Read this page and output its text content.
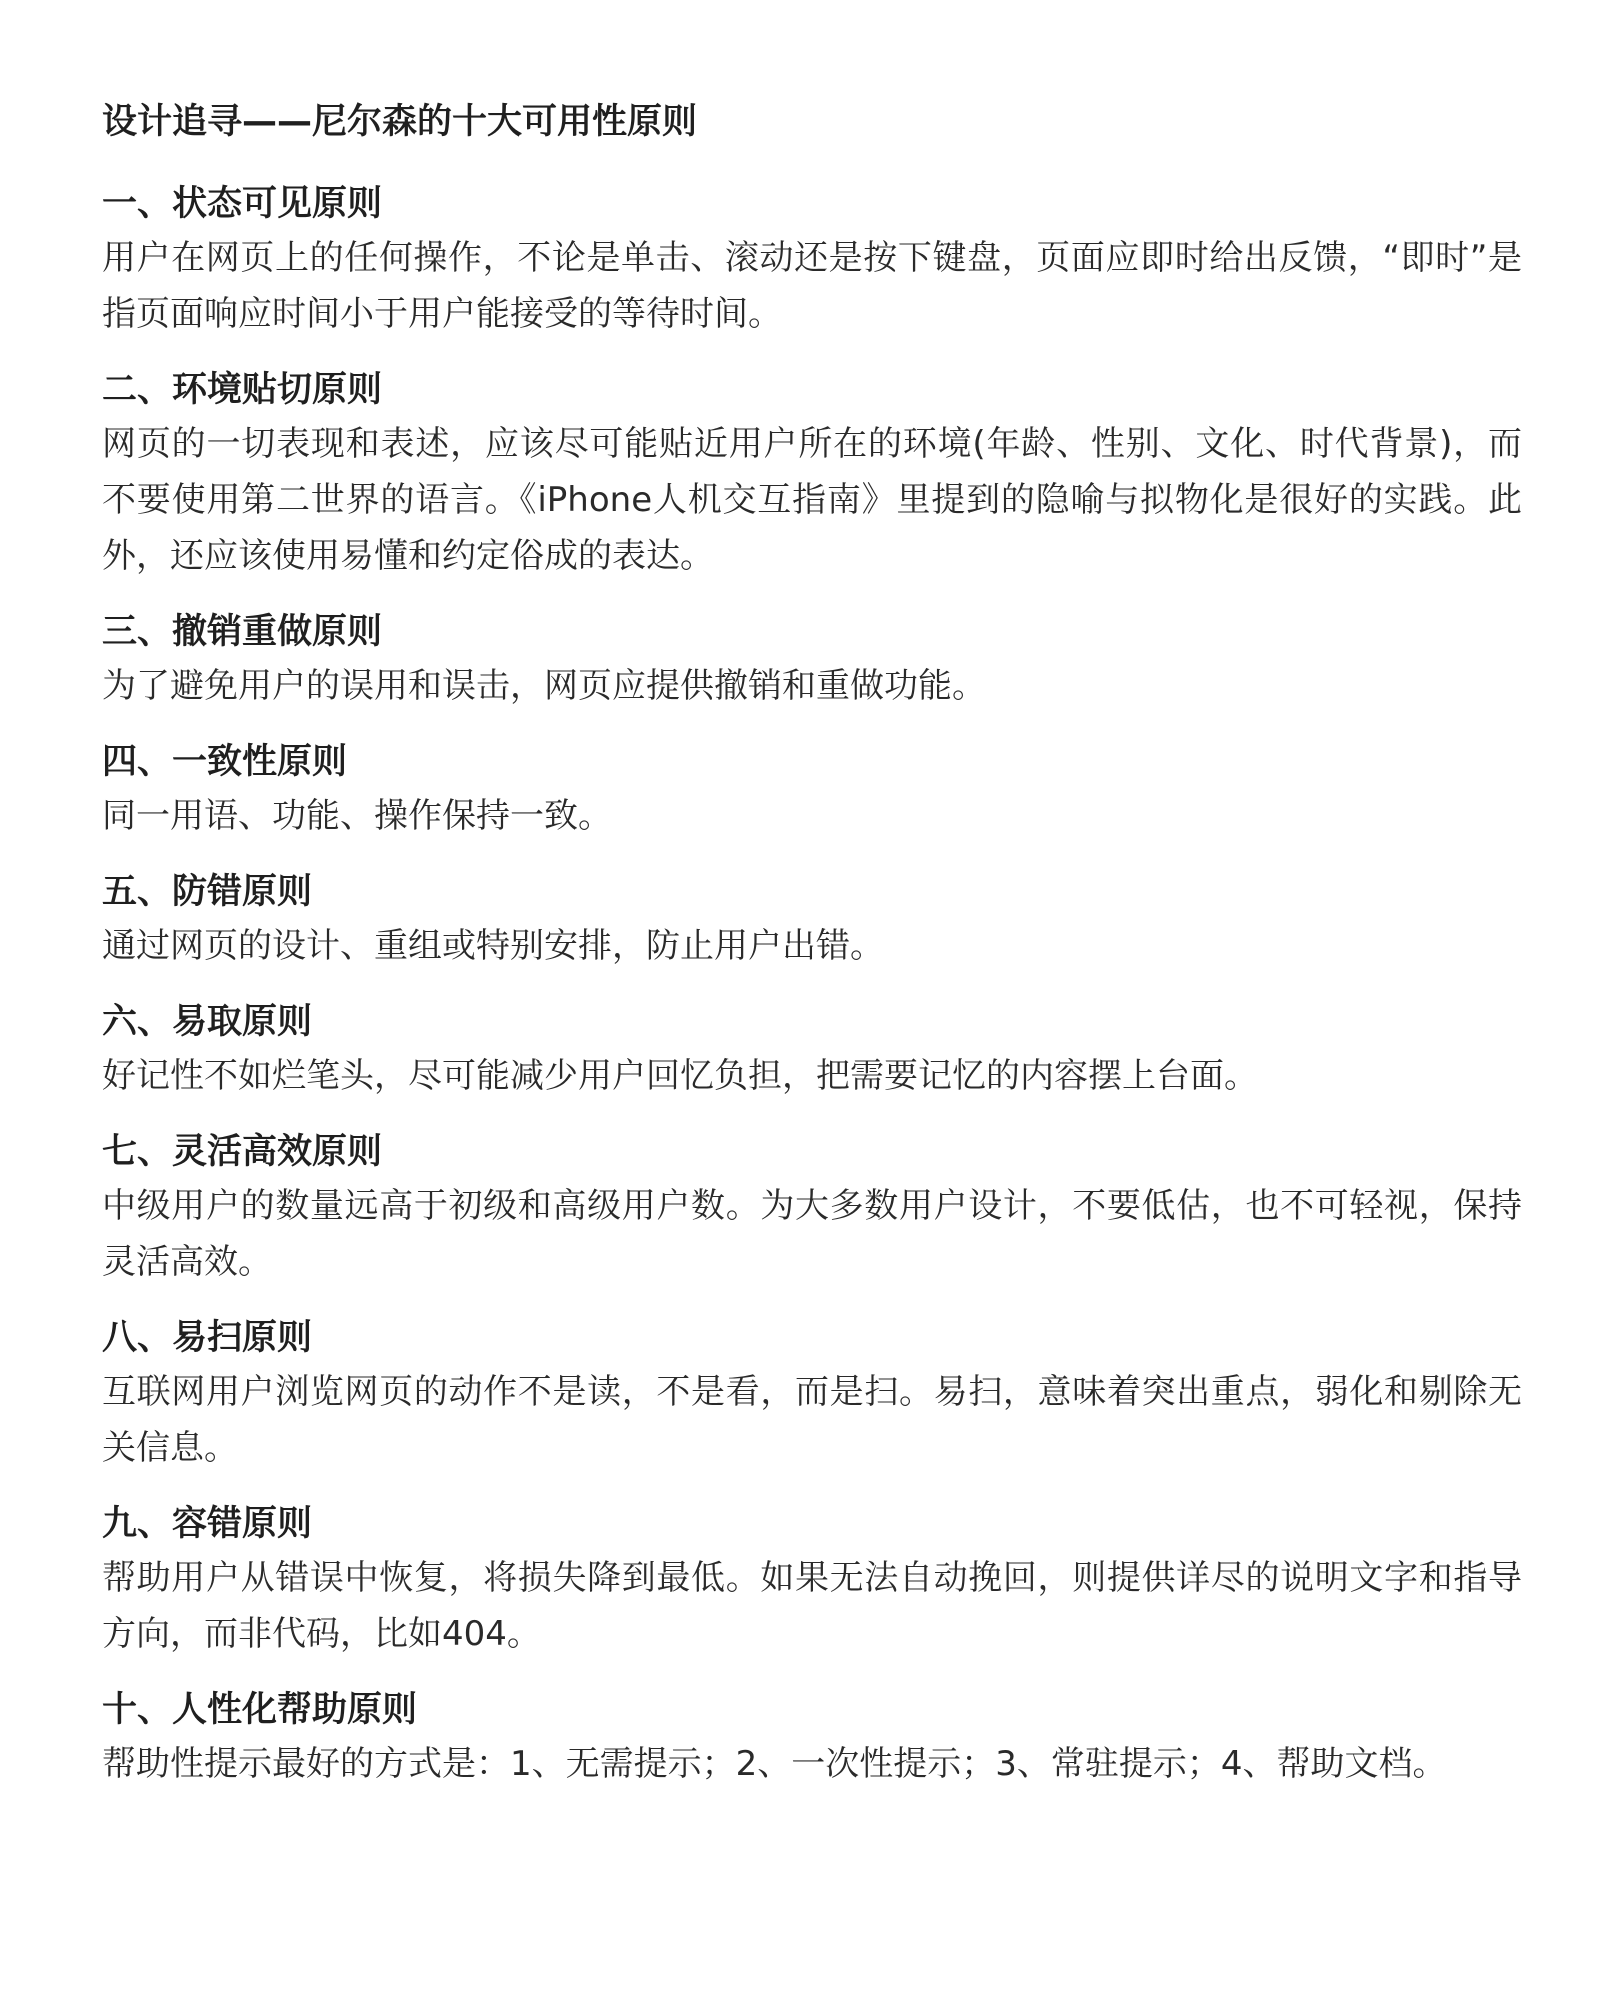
设计追寻——尼尔森的十大可用性原则
一、状态可见原则

用户在网页上的任何操作，不论是单击、滚动还是按下键盘，页面应即时给出反馈，“即时”是指页面响应时间小于用户能接受的等待时间。

二、环境贴切原则

网页的一切表现和表述，应该尽可能贴近用户所在的环境(年龄、性别、文化、时代背景)，而不要使用第二世界的语言。《iPhone人机交互指南》里提到的隐喻与拟物化是很好的实践。此外，还应该使用易懂和约定俗成的表达。

三、撤销重做原则

为了避免用户的误用和误击，网页应提供撤销和重做功能。

四、一致性原则

同一用语、功能、操作保持一致。

五、防错原则

通过网页的设计、重组或特别安排，防止用户出错。

六、易取原则

好记性不如烂笔头，尽可能减少用户回忆负担，把需要记忆的内容摆上台面。

七、灵活高效原则

中级用户的数量远高于初级和高级用户数。为大多数用户设计，不要低估，也不可轻视，保持灵活高效。

八、易扫原则

互联网用户浏览网页的动作不是读，不是看，而是扫。易扫，意味着突出重点，弱化和剔除无关信息。

九、容错原则

帮助用户从错误中恢复，将损失降到最低。如果无法自动挽回，则提供详尽的说明文字和指导方向，而非代码，比如404。

十、人性化帮助原则

帮助性提示最好的方式是：1、无需提示；2、一次性提示；3、常驻提示；4、帮助文档。
